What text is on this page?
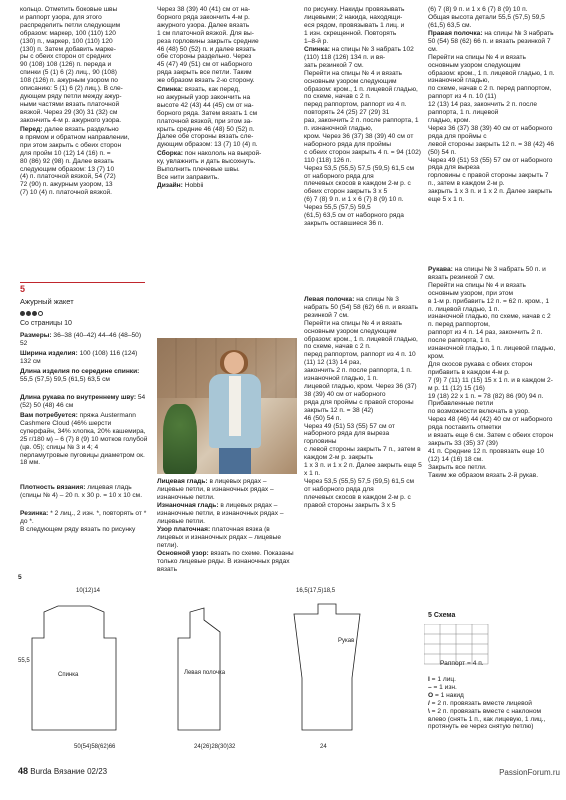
кольцо. Отметить боковые швы
и раппорт узора, для этого
распределить петли следующим
образом: маркер, 100 (110) 120
(130) п., маркер, 100 (110) 120
(130) п. Затем добавить марке-
ры с обеих сторон от средних
90 (108) 108 (126) п. переда и
спинки (5 (1) 6 (2) лиц., 90 (108)
108 (126) п. ажурным узором по
описанию: 5 (1) 6 (2) лиц.). В сле-
дующем ряду петли между ажур-
ными частями вязать платочной
вязкой. Через 29 (30) 31 (32) см
закончить 4-м р. ажурного узора.
Перед: далее вязать раздельно
в прямом и обратном направлении,
при этом закрыть с обеих сторон
для пройм 10 (12) 14 (16) п. =
80 (86) 92 (98) п. Далее вязать
следующим образом: 13 (7) 10
(4) п. платочной вязкой, 54 (72)
72 (90) п. ажурным узором, 13
(7) 10 (4) п. платочной вязкой.
Через 38 (39) 40 (41) см от на-
борного ряда закончить 4-м р.
ажурного узора. Далее вязать
1 см платочной вязкой. Для вы-
реза горловины закрыть средние
46 (48) 50 (52) п. и далее вязать
обе стороны раздельно. Через
45 (47) 49 (51) см от наборного
ряда закрыть все петли. Таким
же образом вязать 2-ю сторону.
Спинка: вязать, как перед,
но ажурный узор закончить на
высоте 42 (43) 44 (45) см от на-
борного ряда. Затем вязать 1 см
платочной вязкой, при этом за-
крыть средние 46 (48) 50 (52) п.
Далее обе стороны вязать сле-
дующим образом: 13 (7) 10 (4) п.
Сборка: пон накололь на выкрой-
ку, увлажнить и дать высохнуть.
Выполнить плечевые швы.
Все нити заправить.
Дизайн: Hobbii
5
Ажурный жакет
Со страницы 10
Размеры: 36–38 (40–42) 44–46 (48–50) 52
Ширина изделия: 100 (108) 116 (124) 132 см
Длина изделия по середине спинки: 55,5 (57,5) 59,5 (61,5) 63,5 см
Длина рукава по внутреннему шву: 54 (52) 50 (48) 46 см
Вам потребуется: пряжа Austermann Cashmere Cloud (46% шерсти суперфайн, 34% хлопка, 20% кашемира, 25 г/180 м) – 6 (7) 8 (9) 10 мотков голубой (цв. 05); спицы № 3 и 4; 4 перламутровые пуговицы диаметром ок. 18 мм.
Плотность вязания: лицевая гладь (спицы № 4) – 20 п. х 30 р. = 10 х 10 см.
Резинка: * 2 лиц., 2 изн. *, повторять от * до *.
В следующем ряду вязать по рисунку
Лицевая гладь: в лицевых рядах – лицевые петли, в изнаночных рядах – изнаночные петли.
Изнаночная гладь: в лицевых рядах – изнаночные петли, в изнаночных рядах – лицевые петли.
Узор платочная: платочная вязка (в лицевых и изнаночных рядах – лицевые петли).
Основной узор: вязать по схеме. Показаны только лицевые ряды. В изнаночных рядах вязать
по рисунку. Накиды провязывать
лицевыми; 2 накида, находящи-
еся рядом, провязывать 1 лиц. и
1 изн. скрещенной. Повторять
1–8-й р.
Спинка: на спицы № 3 набрать 102 (110) 118 (126) 134 п. и вя-
зать резинкой 7 см.
Перейти на спицы № 4 и вязать основным узором следующим
образом: кром., 1 п. лицевой гладью, по схеме, начав с 2 п.
перед раппортом, раппорт из 4 п. повторять 24 (25) 27 (29) 31
раз, закончить 2 п. после раппорта, 1 п. изнаночной гладью,
кром. Через 36 (37) 38 (39) 40 см от наборного ряда для проймы
с обеих сторон закрыть 4 п. = 94 (102) 110 (118) 126 п.
Через 53,5 (55,5) 57,5 (59,5) 61,5 см от наборного ряда для
плечевых скосов в каждом 2-м р. с обеих сторон закрыть 3 х 5
(6) 7 (8) 9 п. и 1 х 6 (7) 8 (9) 10 п. Через 55,5 (57,5) 59,5
(61,5) 63,5 см от наборного ряда закрыть оставшиеся 36 п.
Левая полочка: на спицы № 3 набрать 50 (54) 58 (62) 66 п. и вязать резинкой 7 см.
Перейти на спицы № 4 и вязать основным узором следующим
образом: кром., 1 п. лицевой гладью, по схеме, начав с 2 п.
перед раппортом, раппорт из 4 п. 10 (11) 12 (13) 14 раз,
закончить 2 п. после раппорта, 1 п. изнаночной гладью, 1 п.
лицевой гладью, кром. Через 36 (37) 38 (39) 40 см от наборного
ряда для проймы с правой стороны закрыть 12 п. = 38 (42)
46 (50) 54 п.
Через 49 (51) 53 (55) 57 см от наборного ряда для выреза горловины
с левой стороны закрыть 7 п., затем в каждом 2-м р. закрыть
1 х 3 п. и 1 х 2 п. Далее закрыть еще 5 х 1 п.
Через 53,5 (55,5) 57,5 (59,5) 61,5 см от наборного ряда для
плечевых скосов в каждом 2-м р. с правой стороны закрыть 3 х 5
(6) 7 (8) 9 п. и 1 х 6 (7) 8 (9) 10 п.
Общая высота детали 55,5 (57,5) 59,5 (61,5) 63,5 см.
Правая полочка: на спицы № 3 набрать 50 (54) 58 (62) 66 п. и вязать резинкой 7 см.
Перейти на спицы № 4 и вязать основным узором следующим
образом: кром., 1 п. лицевой гладью, 1 п. изнаночной гладью,
по схеме, начав с 2 п. перед раппортом, раппорт из 4 п. 10 (11)
12 (13) 14 раз, закончить 2 п. после раппорта, 1 п. лицевой
гладью, кром.
Через 36 (37) 38 (39) 40 см от наборного ряда для проймы с
левой стороны закрыть 12 п. = 38 (42) 46 (50) 54 п.
Через 49 (51) 53 (55) 57 см от наборного ряда для выреза
горловины с правой стороны закрыть 7 п., затем в каждом 2-м р.
закрыть 1 х 3 п. и 1 х 2 п. Далее закрыть еще 5 х 1 п.
Рукава: на спицы № 3 набрать 50 п. и вязать резинкой 7 см.
Перейти на спицы № 4 и вязать основным узором, при этом
в 1-м р. прибавить 12 п. = 62 п. кром., 1 п. лицевой гладью, 1 п.
изнаночной гладью, по схеме, начав с 2 п. перед раппортом,
раппорт из 4 п. 14 раз, закончить 2 п. после раппорта, 1 п.
изнаночной гладью, 1 п. лицевой гладью, кром.
Для скосов рукава с обеих сторон прибавить в каждом 4-м р.
7 (9) 7 (11) 11 (15) 15 х 1 п. и в каждом 2-м р. 11 (12) 15 (16)
19 (18) 22 х 1 п. = 78 (82) 86 (90) 94 п. Прибавленные петли
по возможности включать в узор.
Через 48 (46) 44 (42) 40 см от наборного ряда поставить отметки
и вязать еще 6 см. Затем с обеих сторон закрыть 33 (35) 37 (39)
41 п. Средние 12 п. провязать еще 10 (12) 14 (16) 18 см.
Закрыть все петли.
Таким же образом вязать 2-й рукав.
Спинка	Левая полочка
Рукав
55,5
50(54)58(62)66	24(26)28(30)32	24
16,5(17,5)18,5
10(12)14
5
5 Схема
Раппорт = 4 п.
I = 1 лиц.
– = 1 изн.
O = 1 накид
/ = 2 п. провязать вместе лицевой
\ = 2 п. провязать вместе с наклоном влево (снять 1 п., как лицевую, 1 лиц., протянуть ее через снятую петлю)
48 Burda Вязание 02/23	PassionForum.ru
